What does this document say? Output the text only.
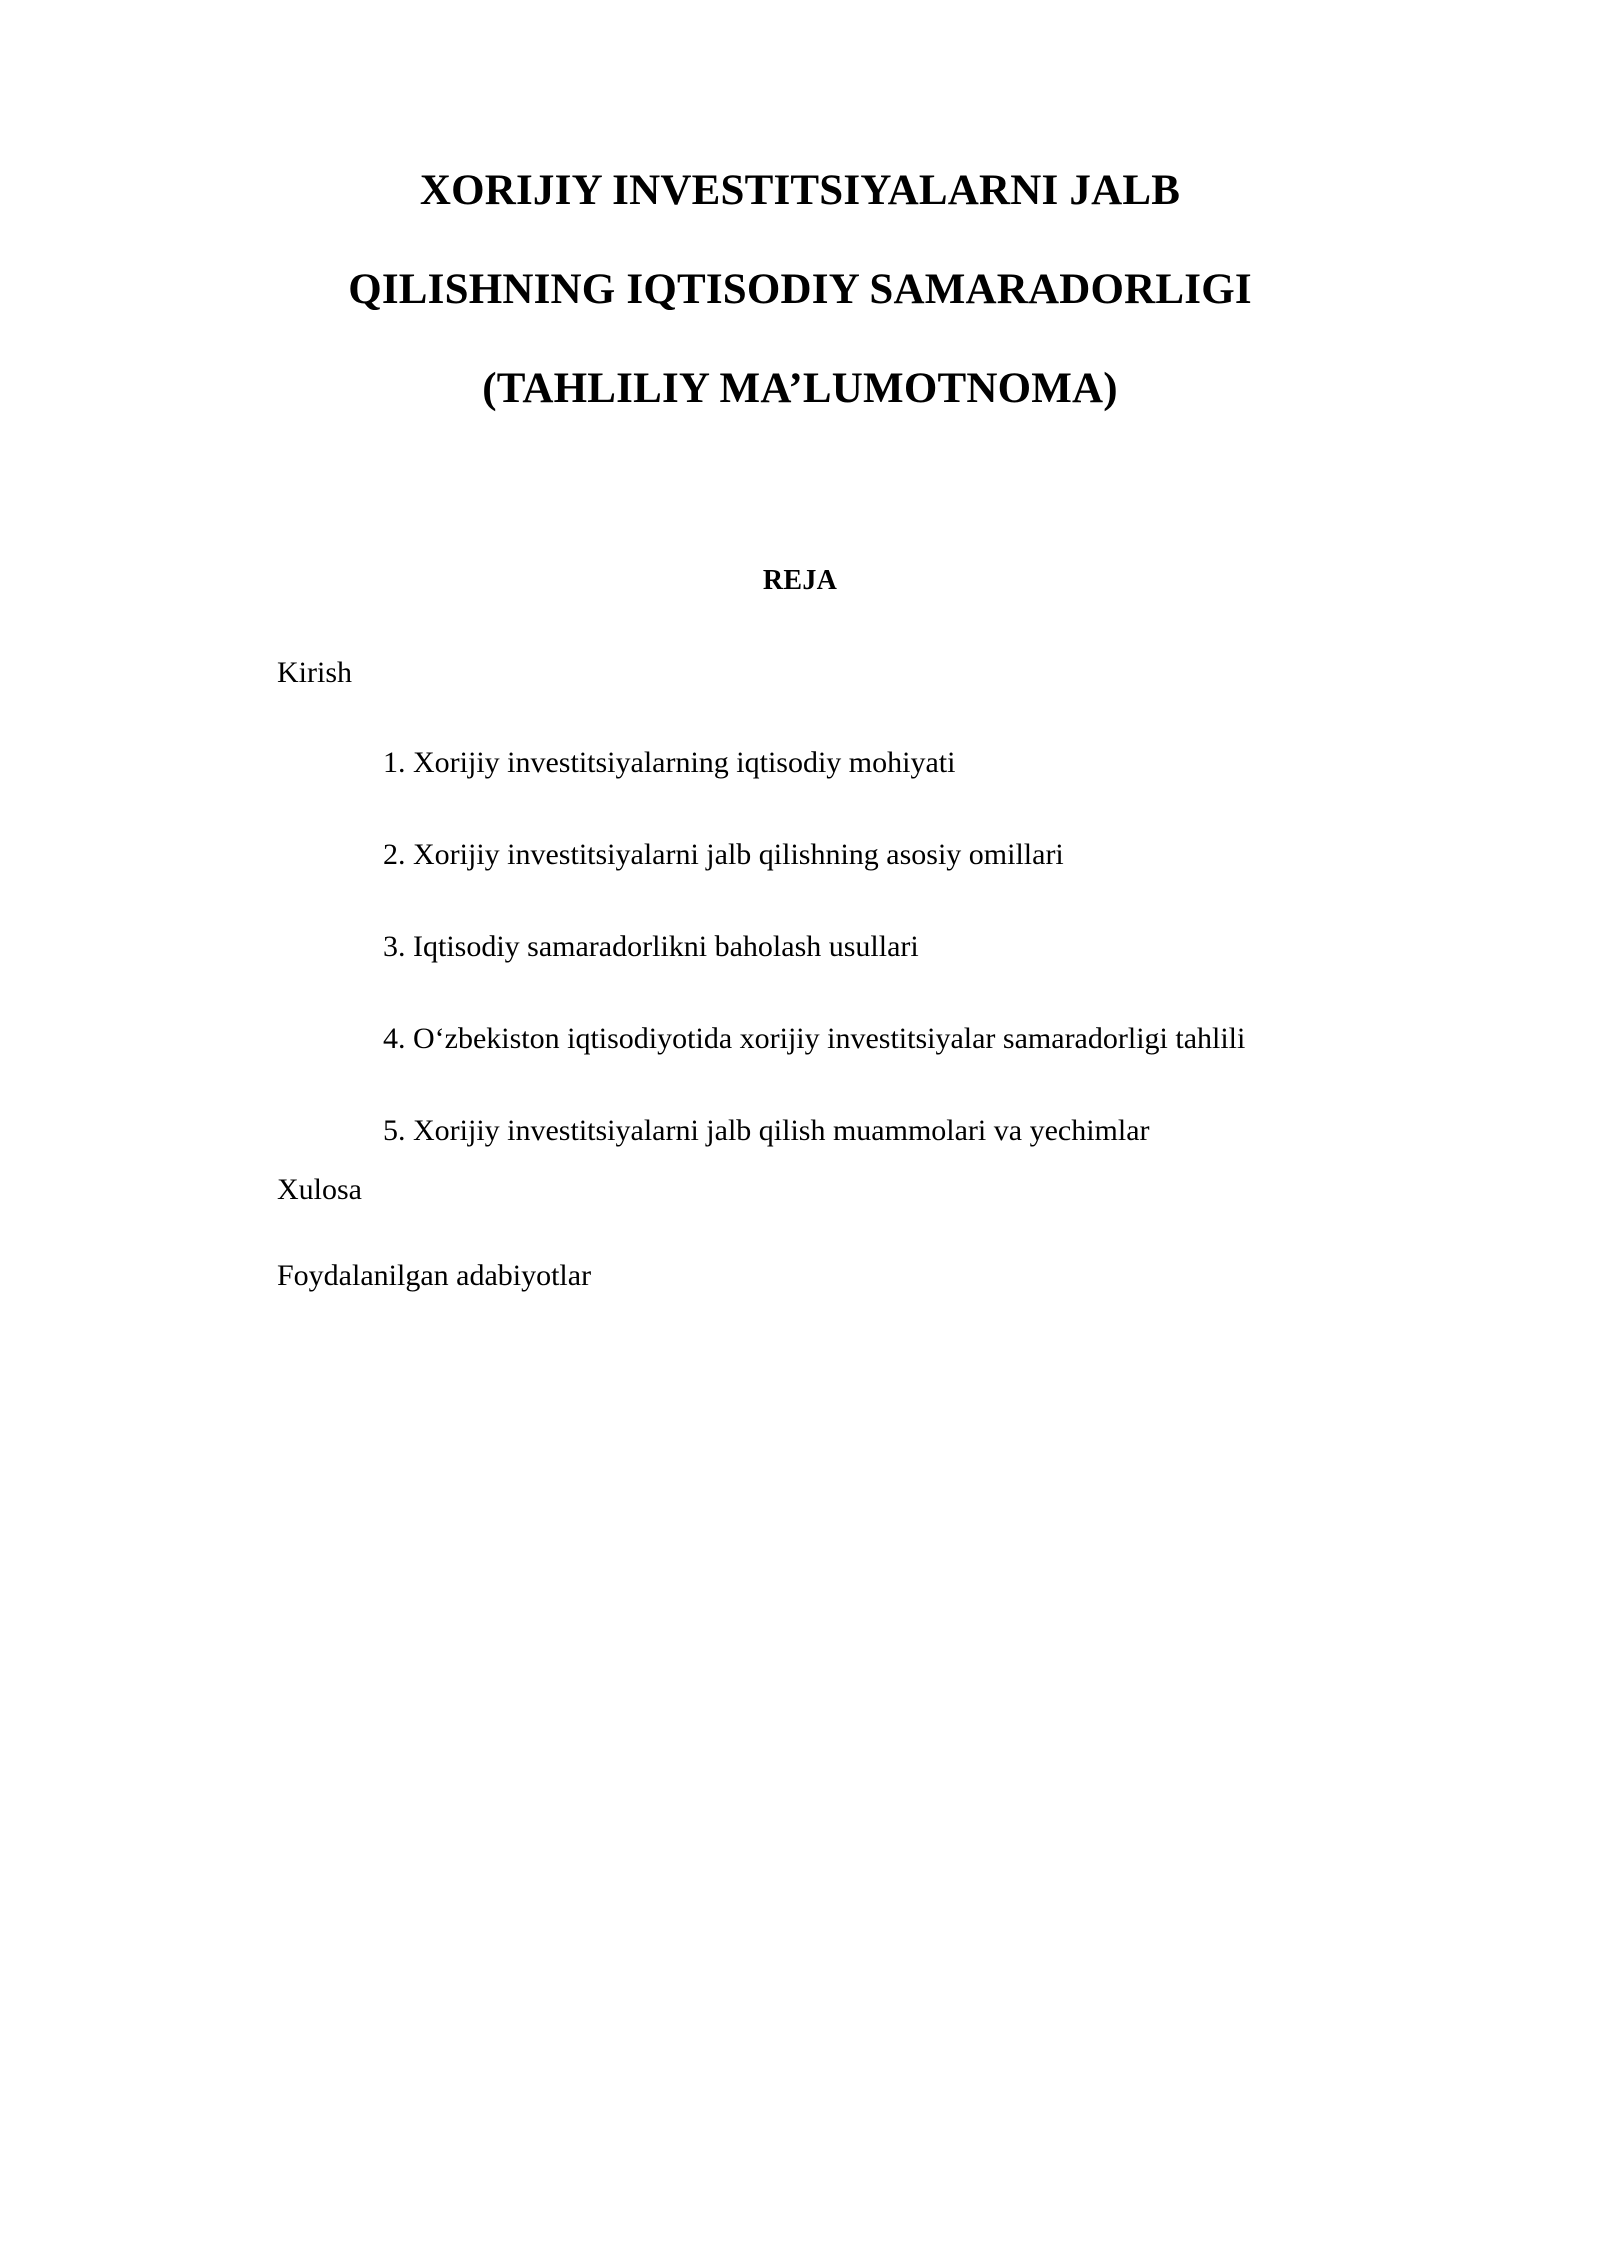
XORIJIY INVESTITSIYALARNI JALB
QILISHNING IQTISODIY SAMARADORLIGI
(TAHLILIY MA’LUMOTNOMA)
REJA
Kirish
1. Xorijiy investitsiyalarning iqtisodiy mohiyati
2. Xorijiy investitsiyalarni jalb qilishning asosiy omillari
3. Iqtisodiy samaradorlikni baholash usullari
4. O‘zbekiston iqtisodiyotida xorijiy investitsiyalar samaradorligi tahlili
5. Xorijiy investitsiyalarni jalb qilish muammolari va yechimlar
Xulosa
Foydalanilgan adabiyotlar
